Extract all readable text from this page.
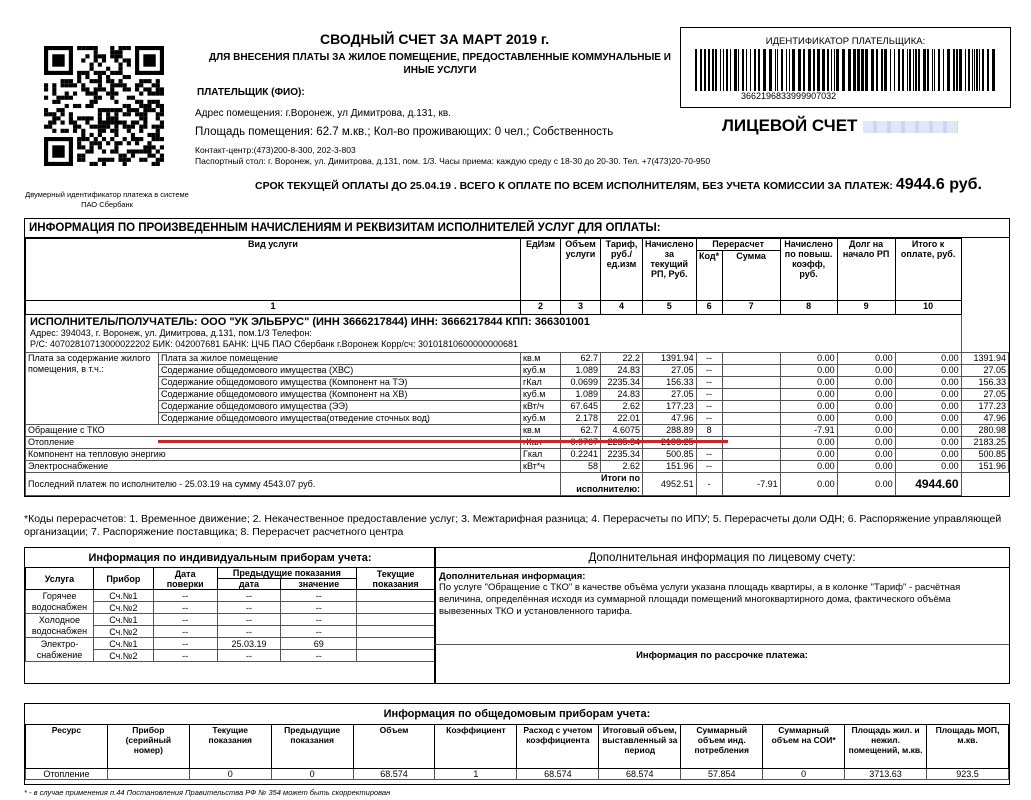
Двумерный идентификатор платежа в системе ПАО Сбербанк
СВОДНЫЙ СЧЕТ ЗА МАРТ 2019 г.
ДЛЯ ВНЕСЕНИЯ ПЛАТЫ ЗА ЖИЛОЕ ПОМЕЩЕНИЕ, ПРЕДОСТАВЛЕННЫЕ КОММУНАЛЬНЫЕ И ИНЫЕ УСЛУГИ
ПЛАТЕЛЬЩИК (ФИО):
Адрес помещения: г.Воронеж, ул Димитрова, д.131, кв.
Площадь помещения: 62.7 м.кв.; Кол-во проживающих: 0 чел.; Собственность
Контакт-центр:(473)200-8-300, 202-3-803
Паспортный стол: г. Воронеж, ул. Димитрова, д.131, пом. 1/3. Часы приема: каждую среду с 18-30 до 20-30. Тел. +7(473)20-70-950
СРОК ТЕКУЩЕЙ ОПЛАТЫ ДО 25.04.19 . ВСЕГО К ОПЛАТЕ ПО ВСЕМ ИСПОЛНИТЕЛЯМ, БЕЗ УЧЕТА КОМИССИИ ЗА ПЛАТЕЖ: 4944.6 руб.
ИДЕНТИФИКАТОР ПЛАТЕЛЬЩИКА:
3662196833999907032
ЛИЦЕВОЙ СЧЕТ
ИНФОРМАЦИЯ ПО ПРОИЗВЕДЕННЫМ НАЧИСЛЕНИЯМ И РЕКВИЗИТАМ ИСПОЛНИТЕЛЕЙ УСЛУГ ДЛЯ ОПЛАТЫ:
Вид услуги		ЕдИзм	Объем услуги	Тариф, руб./ ед.изм	Начислено за текущий РП, Руб.	Перерасчет		Начислено по повыш. коэфф, руб.	Долг на начало РП	Итого к оплате, руб.	
						Код*	Сумма				
1		2	3	4	5	6	7	8	9	10	
ИСПОЛНИТЕЛЬ/ПОЛУЧАТЕЛЬ: ООО "УК ЭЛЬБРУС" (ИНН 3666217844) ИНН: 3666217844 КПП: 366301001
Адрес: 394043, г. Воронеж, ул. Димитрова, д.131, пом.1/3 Телефон:
Р/С: 40702810713000022202 БИК: 042007681 БАНК: ЦЧБ ПАО Сбербанк г.Воронеж Корр/сч: 30101810600000000681											
Плата за содержание жилого помещения, в т.ч.:	Плата за жилое помещение	кв.м	62.7	22.2	1391.94	--		0.00	0.00	0.00	1391.94
	Содержание общедомового имущества (ХВС)	куб.м	1.089	24.83	27.05	--		0.00	0.00	0.00	27.05
	Содержание общедомового имущества (Компонент на ТЭ)	гКал	0.0699	2235.34	156.33	--		0.00	0.00	0.00	156.33
	Содержание общедомового имущества (Компонент на ХВ)	куб.м	1.089	24.83	27.05	--		0.00	0.00	0.00	27.05
	Содержание общедомового имущества (ЭЭ)	кВт/ч	67.645	2.62	177.23	--		0.00	0.00	0.00	177.23
	Содержание общедомового имущества(отведение сточных вод)	куб.м	2.178	22.01	47.96	--		0.00	0.00	0.00	47.96
Обращение с ТКО		кв.м	62.7	4.6075	288.89	8		-7.91	0.00	0.00	280.98
Отопление								0.00	0.00	0.00	2183.25
Компонент на тепловую энергию		Гкал	0.2241	2235.34	500.85	--		0.00	0.00	0.00	500.85
Электроснабжение		кВт*ч	58	2.62	151.96	--		0.00	0.00	0.00	151.96
Последний платеж по исполнителю - 25.03.19 на сумму 4543.07 руб.			Итоги по исполнителю:		4952.51	-	-7.91	0.00	0.00	4944.60	
*Коды перерасчетов: 1. Временное движение; 2. Некачественное предоставление услуг; 3. Межтарифная разница; 4. Перерасчеты по ИПУ; 5. Перерасчеты доли ОДН; 6. Распоряжение управляющей организации; 7. Распоряжение поставщика; 8. Перерасчет расчетного центра
Информация по индивидуальным приборам учета:
Услуга	Прибор	Дата поверки	Предыдущие показания		Текущие показания
			дата	значение	
Горячее водоснабжен	Сч.№1	--	--	--	
	Сч.№2	--	--	--	
Холодное водоснабжен	Сч.№1	--	--	--	
	Сч.№2	--	--	--	
Электро-снабжение	Сч.№1	--	25.03.19	69	
	Сч.№2	--	--	--	
Дополнительная информация по лицевому счету:
Дополнительная информация:
По услуге "Обращение с ТКО" в качестве объёма услуги указана площадь квартиры, а в колонке "Тариф" - расчётная величина, определённая исходя из суммарной площади помещений многоквартирного дома, фактического объёма вывезенных ТКО и установленного тарифа.
Информация по рассрочке платежа:
Информация по общедомовым приборам учета:
Ресурс	Прибор (серийный номер)	Текущие показания	Предыдущие показания	Объем	Коэффициент	Расход с учетом коэффициента	Итоговый объем, выставленный за период	Суммарный объем инд. потребления	Суммарный объем на СОИ*	Площадь жил. и нежил. помещений, м.кв.	Площадь МОП, м.кв.
Отопление		0	0	68.574	1	68.574	68.574	57.854	0	3713.63	923.5
* - в случае применения п.44 Постановления Правительства РФ № 354 может быть скорректирован
